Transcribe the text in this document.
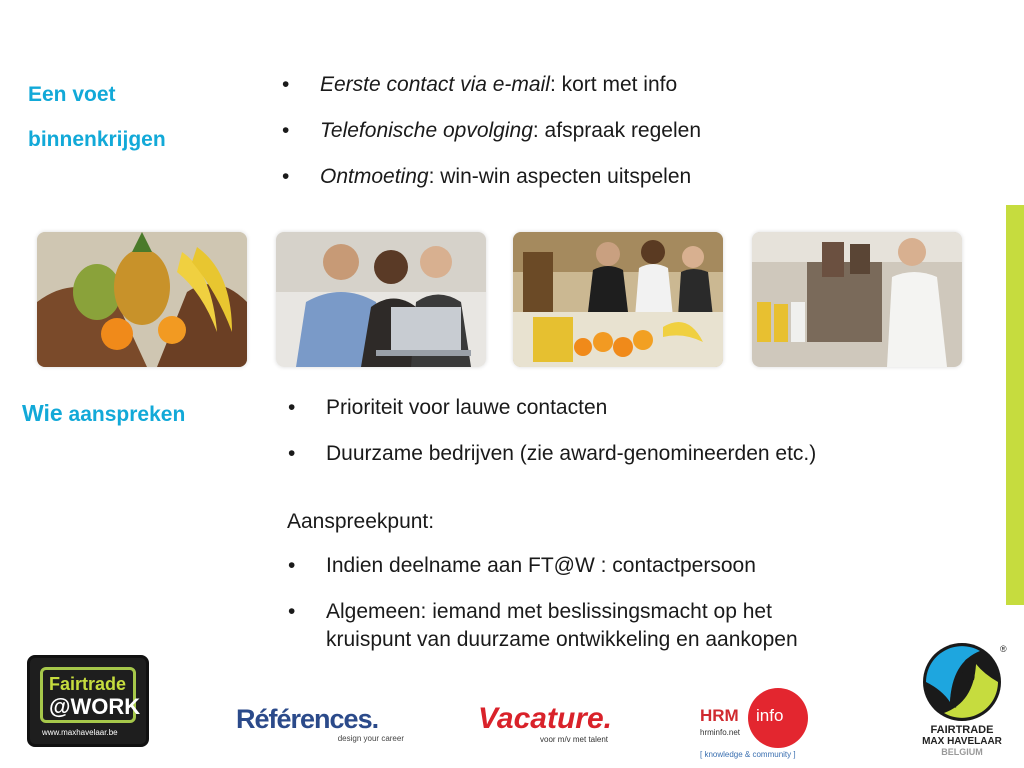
Een voet
binnenkrijgen
• Eerste contact via e-mail: kort met info
• Telefonische opvolging: afspraak regelen
• Ontmoeting: win-win aspecten uitspelen
Wie aanspreken
•	Prioriteit voor lauwe contacten
• Duurzame bedrijven (zie award-genomineerden etc.)
Aanspreekpunt:
• Indien deelname aan FT@W : contactpersoon
• Algemeen: iemand met beslissingsmacht op het
kruispunt van duurzame ontwikkeling en aankopen
Fairtrade
@WORK
www.maxhavelaar.be	Références.
design your career
Vacature.
voor m/v met talent
HRM info
hrminfo.net
[ knowledge & community ]
®
FAIRTRADE
MAX HAVELAAR
BELGIUM
